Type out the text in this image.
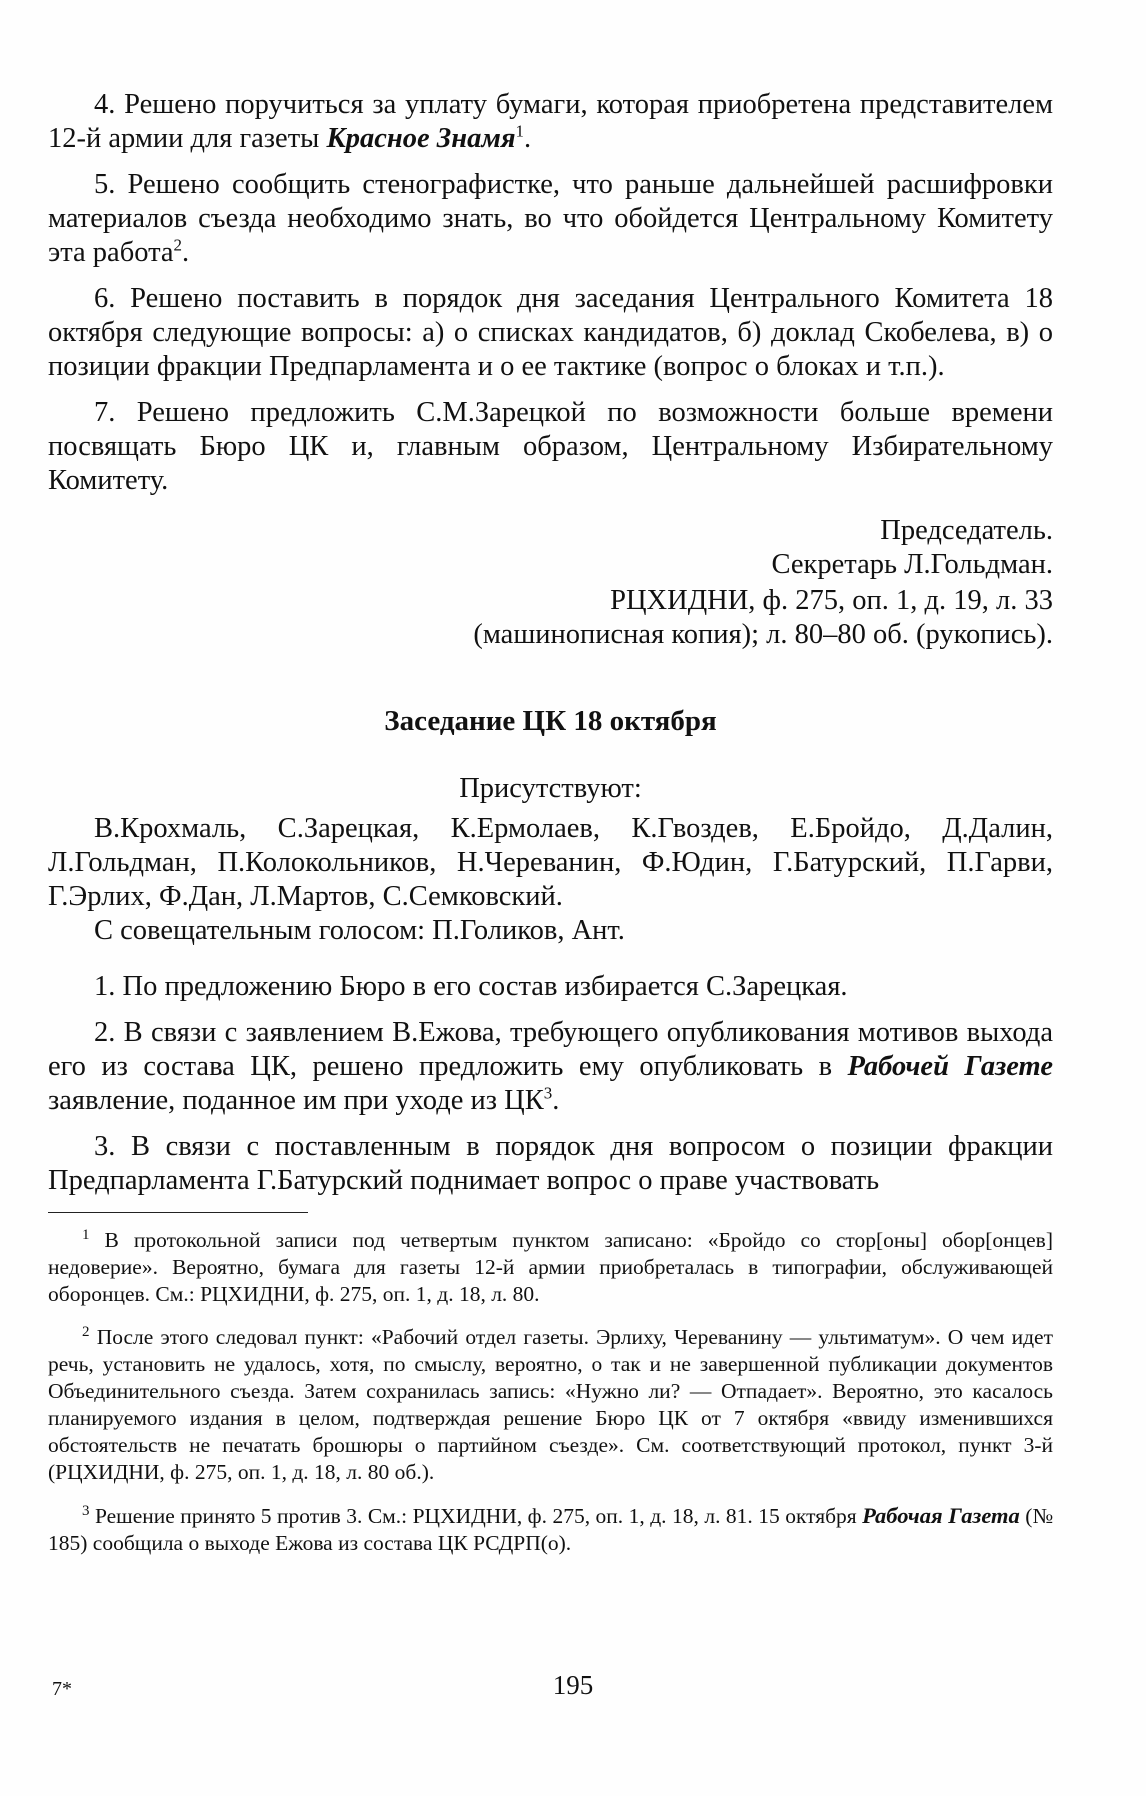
4. Решено поручиться за уплату бумаги, которая приобретена представителем 12-й армии для газеты Красное Знамя$^1$.

5. Решено сообщить стенографистке, что раньше дальнейшей расшифровки материалов съезда необходимо знать, во что обойдется Центральному Комитету эта работа$^2$.

6. Решено поставить в порядок дня заседания Центрального Комитета 18 октября следующие вопросы: а) о списках кандидатов, б) доклад Скобелева, в) о позиции фракции Предпарламента и о ее тактике (вопрос о блоках и т.п.).

7. Решено предложить С.М.Зарецкой по возможности больше времени посвящать Бюро ЦК и, главным образом, Центральному Избирательному Комитету.

Председатель.

Секретарь Л.Гольдман.

РЦХИДНИ, ф. 275, оп. 1, д. 19, л. 33

(машинописная копия); л. 80–80 об. (рукопись).

Заседание ЦК 18 октября

Присутствуют:

В.Крохмаль, С.Зарецкая, К.Ермолаев, К.Гвоздев, Е.Бройдо, Д.Далин, Л.Гольдман, П.Колокольников, Н.Череванин, Ф.Юдин, Г.Батурский, П.Гарви, Г.Эрлих, Ф.Дан, Л.Мартов, С.Семковский.

С совещательным голосом: П.Голиков, Ант.

1. По предложению Бюро в его состав избирается С.Зарецкая.

2. В связи с заявлением В.Ежова, требующего опубликования мотивов выхода его из состава ЦК, решено предложить ему опубликовать в Рабочей Газете заявление, поданное им при уходе из $ЦК^3$.

3. В связи с поставленным в порядок дня вопросом о позиции фракции Предпарламента Г.Батурский поднимает вопрос о праве участвовать

$^1$ В протокольной записи под четвертым пунктом записано: «Бройдо со стор[оны] обор[онцев] недоверие». Вероятно, бумага для газеты 12-й армии приобреталась в типографии, обслуживающей оборонцев. См.: РЦХИДНИ, ф. 275, оп. 1, д. 18, л. 80.

$^2$ После этого следовал пункт: «Рабочий отдел газеты. Эрлиху, Череванину — ультиматум». О чем идет речь, установить не удалось, хотя, по смыслу, вероятно, о так и не завершенной публикации документов Объединительного съезда. Затем сохранилась запись: «Нужно ли? — Отпадает». Вероятно, это касалось планируемого издания в целом, подтверждая решение Бюро ЦК от 7 октября «ввиду изменившихся обстоятельств не печатать брошюры о партийном съезде». См. соответствующий протокол, пункт 3-й (РЦХИДНИ, ф. 275, оп. 1, д. 18, л. 80 об.).

$^3$ Решение принято 5 против 3. См.: РЦХИДНИ, ф. 275, оп. 1, д. 18, л. 81. 15 октября Рабочая Газета (№ 185) сообщила о выходе Ежова из состава ЦК РСДРП(о).

7*	195
